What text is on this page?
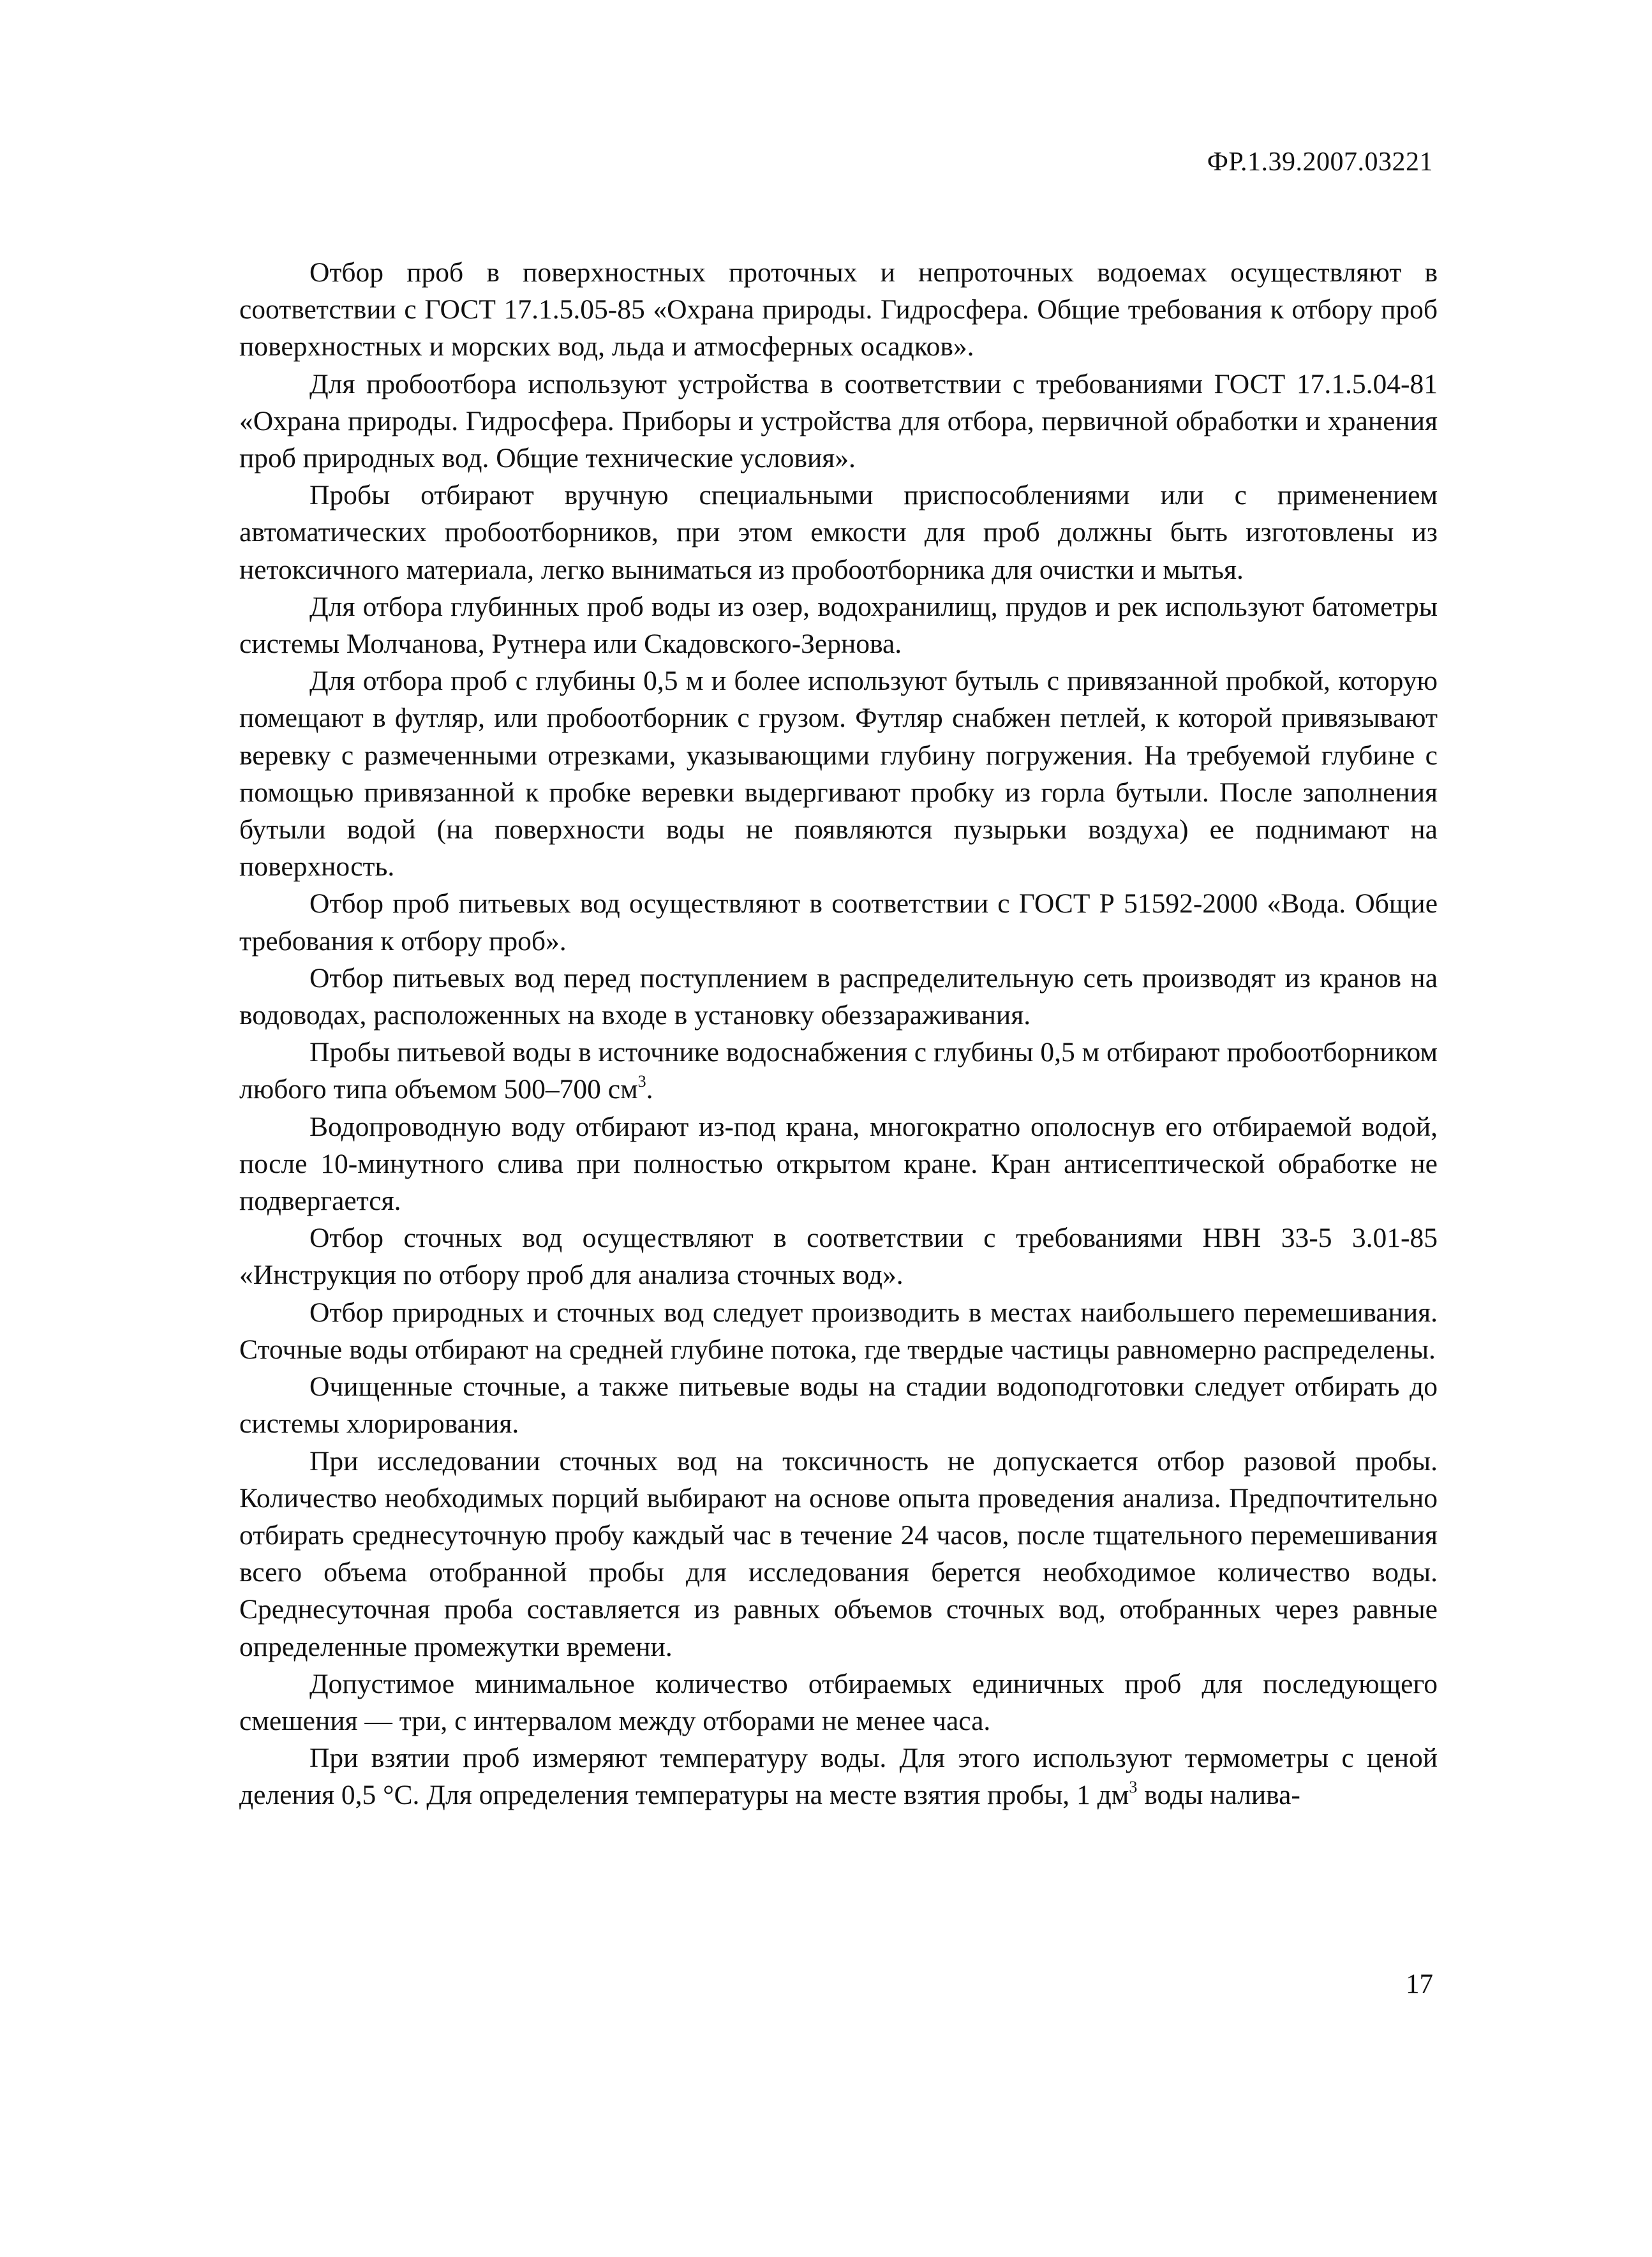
ФР.1.39.2007.03221

Отбор проб в поверхностных проточных и непроточных водоемах осуществляют в соответствии с ГОСТ 17.1.5.05-85 «Охрана природы. Гидросфера. Общие требования к отбору проб поверхностных и морских вод, льда и атмосферных осадков».

Для пробоотбора используют устройства в соответствии с требованиями ГОСТ 17.1.5.04-81 «Охрана природы. Гидросфера. Приборы и устройства для отбора, первичной обработки и хранения проб природных вод. Общие технические условия».

Пробы отбирают вручную специальными приспособлениями или с применением автоматических пробоотборников, при этом емкости для проб должны быть изготовлены из нетоксичного материала, легко выниматься из пробоотборника для очистки и мытья.

Для отбора глубинных проб воды из озер, водохранилищ, прудов и рек используют батометры системы Молчанова, Рутнера или Скадовского-Зернова.

Для отбора проб с глубины 0,5 м и более используют бутыль с привязанной пробкой, которую помещают в футляр, или пробоотборник с грузом. Футляр снабжен петлей, к которой привязывают веревку с размеченными отрезками, указывающими глубину погружения. На требуемой глубине с помощью привязанной к пробке веревки выдергивают пробку из горла бутыли. После заполнения бутыли водой (на поверхности воды не появляются пузырьки воздуха) ее поднимают на поверхность.

Отбор проб питьевых вод осуществляют в соответствии с ГОСТ Р 51592-2000 «Вода. Общие требования к отбору проб».

Отбор питьевых вод перед поступлением в распределительную сеть производят из кранов на водоводах, расположенных на входе в установку обеззараживания.

Пробы питьевой воды в источнике водоснабжения с глубины 0,5 м отбирают пробоотборником любого типа объемом 500–700 $см^3$.

Водопроводную воду отбирают из-под крана, многократно ополоснув его отбираемой водой, после 10-минутного слива при полностью открытом кране. Кран антисептической обработке не подвергается.

Отбор сточных вод осуществляют в соответствии с требованиями НВН 33-5 3.01-85 «Инструкция по отбору проб для анализа сточных вод».

Отбор природных и сточных вод следует производить в местах наибольшего перемешивания. Сточные воды отбирают на средней глубине потока, где твердые частицы равномерно распределены.

Очищенные сточные, а также питьевые воды на стадии водоподготовки следует отбирать до системы хлорирования.

При исследовании сточных вод на токсичность не допускается отбор разовой пробы. Количество необходимых порций выбирают на основе опыта проведения анализа. Предпочтительно отбирать среднесуточную пробу каждый час в течение 24 часов, после тщательного перемешивания всего объема отобранной пробы для исследования берется необходимое количество воды. Среднесуточная проба составляется из равных объемов сточных вод, отобранных через равные определенные промежутки времени.

Допустимое минимальное количество отбираемых единичных проб для последующего смешения — три, с интервалом между отборами не менее часа.

При взятии проб измеряют температуру воды. Для этого используют термометры с ценой деления 0,5 °С. Для определения температуры на месте взятия пробы, 1 $дм^3$ воды налива-

17
